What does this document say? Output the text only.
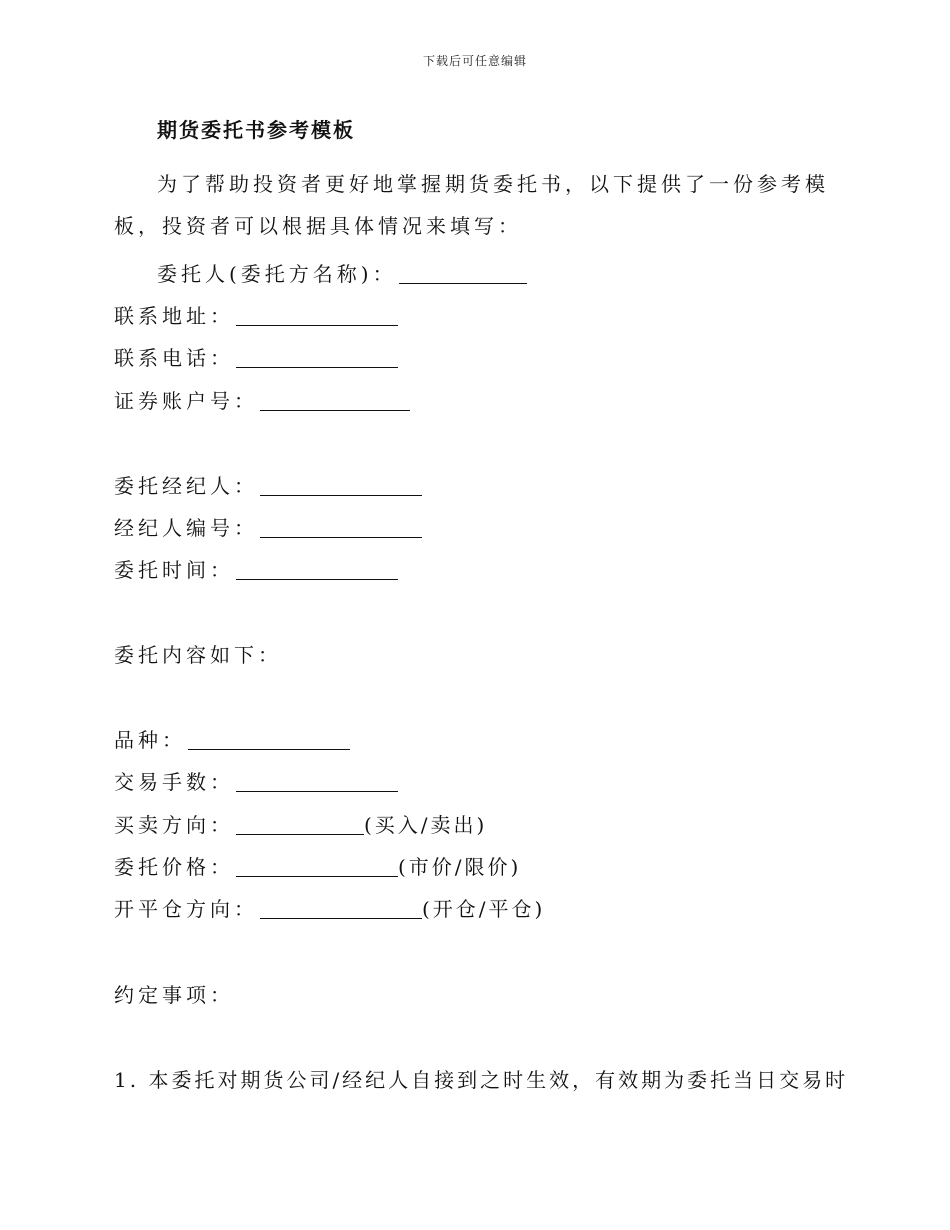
下载后可任意编辑
期货委托书参考模板
为了帮助投资者更好地掌握期货委托书，以下提供了一份参考模板，投资者可以根据具体情况来填写：
委托人(委托方名称)：
联系地址：
联系电话：
证券账户号：
委托经纪人：
经纪人编号：
委托时间：
委托内容如下：
品种：
交易手数：
买卖方向：	(买入/卖出)
委托价格：	(市价/限价)
开平仓方向：	(开仓/平仓)
约定事项：
1. 本委托对期货公司/经纪人自接到之时生效，有效期为委托当日交易时
